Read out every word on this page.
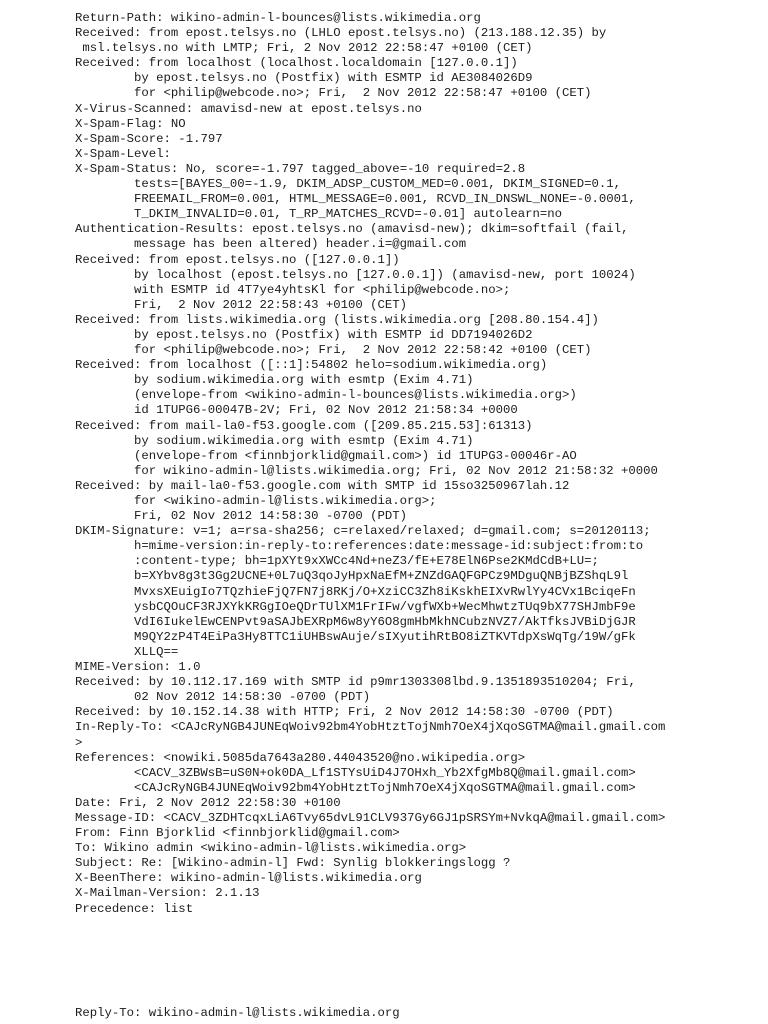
Return-Path: wikino-admin-l-bounces@lists.wikimedia.org
Received: from epost.telsys.no (LHLO epost.telsys.no) (213.188.12.35) by
msl.telsys.no with LMTP; Fri, 2 Nov 2012 22:58:47 +0100 (CET)
Received: from localhost (localhost.localdomain [127.0.0.1])
by epost.telsys.no (Postfix) with ESMTP id AE3084026D9
for <philip@webcode.no>; Fri,  2 Nov 2012 22:58:47 +0100 (CET)
X-Virus-Scanned: amavisd-new at epost.telsys.no
X-Spam-Flag: NO
X-Spam-Score: -1.797
X-Spam-Level:
X-Spam-Status: No, score=-1.797 tagged_above=-10 required=2.8
tests=[BAYES_00=-1.9, DKIM_ADSP_CUSTOM_MED=0.001, DKIM_SIGNED=0.1,
FREEMAIL_FROM=0.001, HTML_MESSAGE=0.001, RCVD_IN_DNSWL_NONE=-0.0001,
T_DKIM_INVALID=0.01, T_RP_MATCHES_RCVD=-0.01] autolearn=no
Authentication-Results: epost.telsys.no (amavisd-new); dkim=softfail (fail,
message has been altered) header.i=@gmail.com
Received: from epost.telsys.no ([127.0.0.1])
by localhost (epost.telsys.no [127.0.0.1]) (amavisd-new, port 10024)
with ESMTP id 4T7ye4yhtsKl for <philip@webcode.no>;
Fri,  2 Nov 2012 22:58:43 +0100 (CET)
Received: from lists.wikimedia.org (lists.wikimedia.org [208.80.154.4])
by epost.telsys.no (Postfix) with ESMTP id DD7194026D2
for <philip@webcode.no>; Fri,  2 Nov 2012 22:58:42 +0100 (CET)
Received: from localhost ([::1]:54802 helo=sodium.wikimedia.org)
by sodium.wikimedia.org with esmtp (Exim 4.71)
(envelope-from <wikino-admin-l-bounces@lists.wikimedia.org>)
id 1TUPG6-00047B-2V; Fri, 02 Nov 2012 21:58:34 +0000
Received: from mail-la0-f53.google.com ([209.85.215.53]:61313)
by sodium.wikimedia.org with esmtp (Exim 4.71)
(envelope-from <finnbjorklid@gmail.com>) id 1TUPG3-00046r-AO
for wikino-admin-l@lists.wikimedia.org; Fri, 02 Nov 2012 21:58:32 +0000
Received: by mail-la0-f53.google.com with SMTP id 15so3250967lah.12
for <wikino-admin-l@lists.wikimedia.org>;
Fri, 02 Nov 2012 14:58:30 -0700 (PDT)
DKIM-Signature: v=1; a=rsa-sha256; c=relaxed/relaxed; d=gmail.com; s=20120113;
h=mime-version:in-reply-to:references:date:message-id:subject:from:to
:content-type; bh=1pXYt9xXWCc4Nd+neZ3/fE+E78ElN6Pse2KMdCdB+LU=;
b=XYbv8g3t3Gg2UCNE+0L7uQ3qoJyHpxNaEfM+ZNZdGAQFGPCz9MDguQNBjBZShqL9l
MvxsXEuigIo7TQzhieFjQ7FN7j8RKj/O+XziCC3Zh8iKskhEIXvRwlYy4CVx1BciqeFn
ysbCQOuCF3RJXYkKRGgIOeQDrTUlXM1FrIFw/vgfWXb+WecMhwtzTUq9bX77SHJmbF9e
VdI6IukelEwCENPvt9aSAJbEXRpM6w8yY6O8gmHbMkhNCubzNVZ7/AkTfksJVBiDjGJR
M9QY2zP4T4EiPa3Hy8TTC1iUHBswAuje/sIXyutihRtBO8iZTKVTdpXsWqTg/19W/gFk
XLLQ==
MIME-Version: 1.0
Received: by 10.112.17.169 with SMTP id p9mr1303308lbd.9.1351893510204; Fri,
02 Nov 2012 14:58:30 -0700 (PDT)
Received: by 10.152.14.38 with HTTP; Fri, 2 Nov 2012 14:58:30 -0700 (PDT)
In-Reply-To: <CAJcRyNGB4JUNEqWoiv92bm4YobHtztTojNmh7OeX4jXqoSGTMA@mail.gmail.com
>
References: <nowiki.5085da7643a280.44043520@no.wikipedia.org>
<CACV_3ZBWsB=uS0N+ok0DA_Lf1STYsUiD4J7OHxh_Yb2XfgMb8Q@mail.gmail.com>
<CAJcRyNGB4JUNEqWoiv92bm4YobHtztTojNmh7OeX4jXqoSGTMA@mail.gmail.com>
Date: Fri, 2 Nov 2012 22:58:30 +0100
Message-ID: <CACV_3ZDHTcqxLiA6Tvy65dvL91CLV937Gy6GJ1pSRSYm+NvkqA@mail.gmail.com>
From: Finn Bjorklid <finnbjorklid@gmail.com>
To: Wikino admin <wikino-admin-l@lists.wikimedia.org>
Subject: Re: [Wikino-admin-l] Fwd: Synlig blokkeringslogg ?
X-BeenThere: wikino-admin-l@lists.wikimedia.org
X-Mailman-Version: 2.1.13
Precedence: list
Reply-To: wikino-admin-l@lists.wikimedia.org
